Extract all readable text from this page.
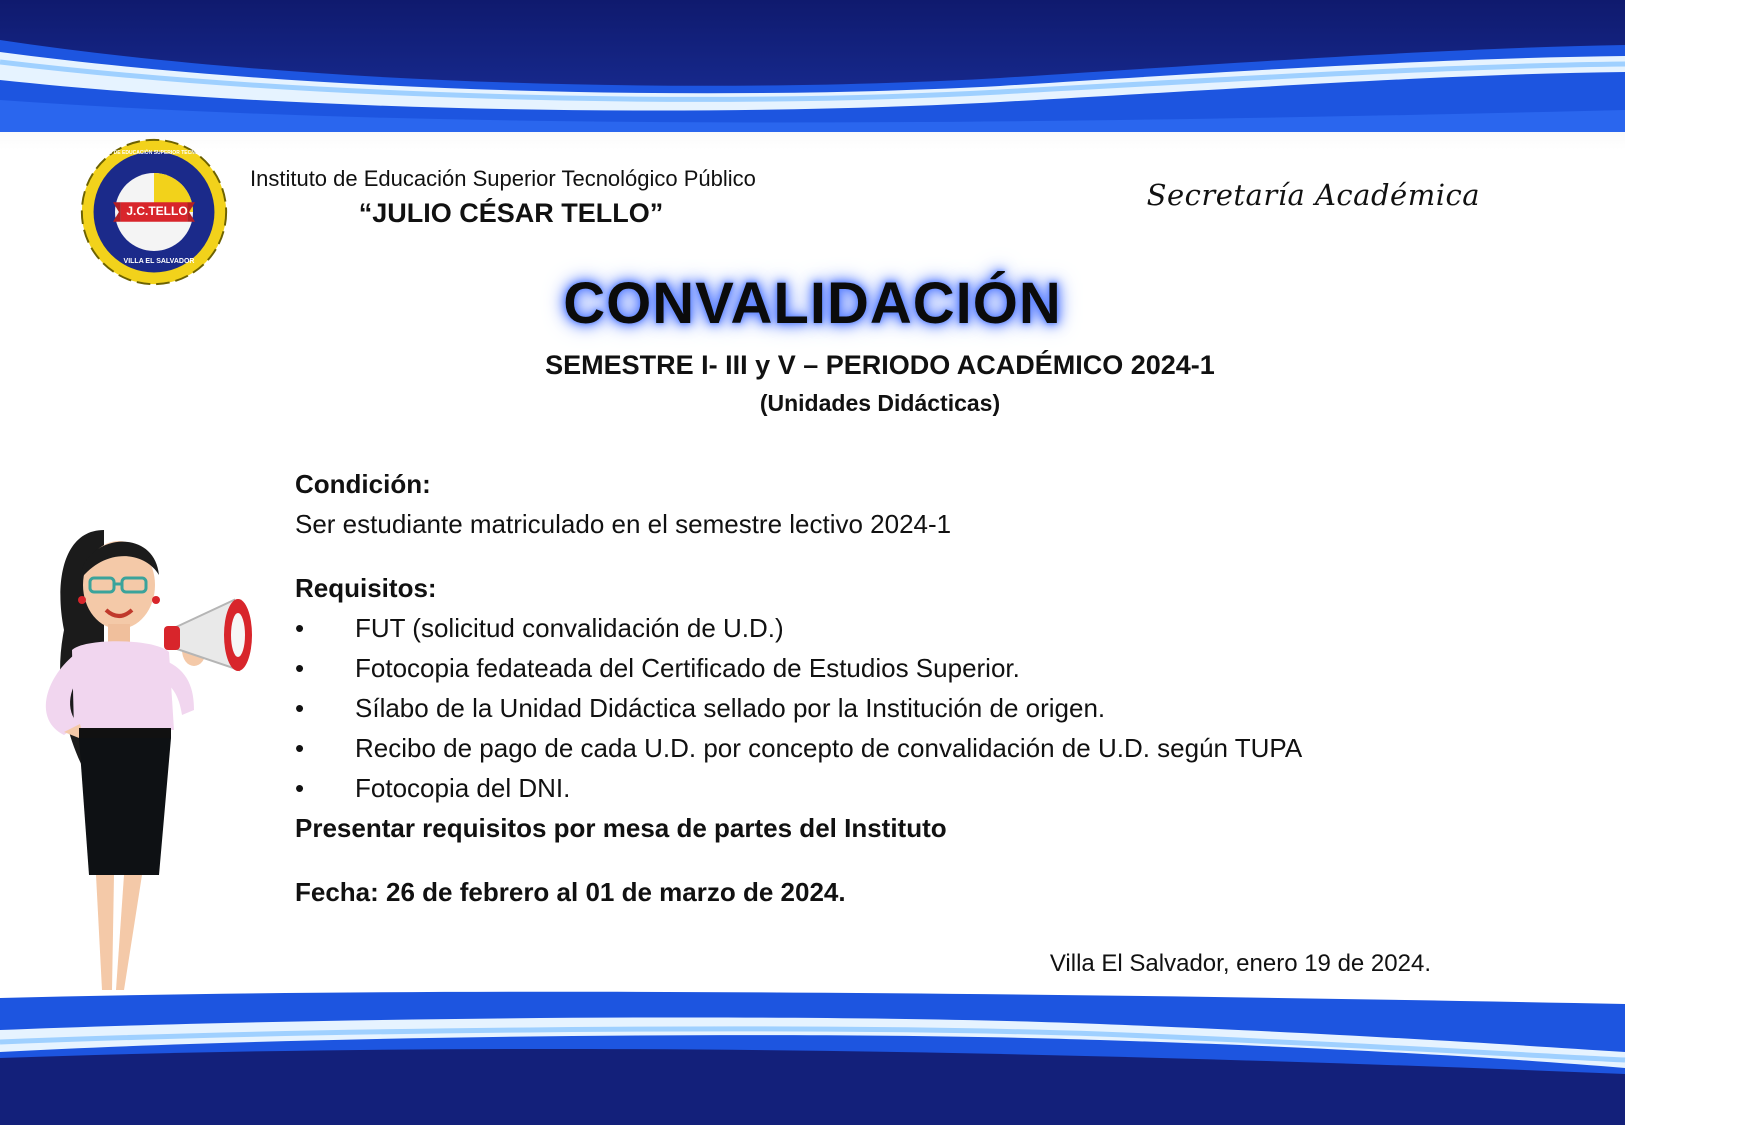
J.C.TELLO
VILLA EL SALVADOR
INSTITUTO DE EDUCACIÓN SUPERIOR TECNOLÓGICO PÚBLICO
Instituto de Educación Superior Tecnológico Público
“JULIO CÉSAR TELLO”
Secretaría Académica
CONVALIDACIÓN
SEMESTRE I- III y V – PERIODO ACADÉMICO 2024-1
(Unidades Didácticas)

Condición:

Ser estudiante matriculado en el semestre lectivo 2024-1

Requisitos:

• FUT (solicitud convalidación de U.D.)
• Fotocopia fedateada del Certificado de Estudios Superior.
• Sílabo de la Unidad Didáctica sellado por la Institución de origen.
• Recibo de pago de cada U.D. por concepto de convalidación de U.D. según TUPA
• Fotocopia del DNI.
Presentar requisitos por mesa de partes del Instituto
Fecha: 26 de febrero al 01 de marzo de 2024.
Villa El Salvador, enero 19 de 2024.
